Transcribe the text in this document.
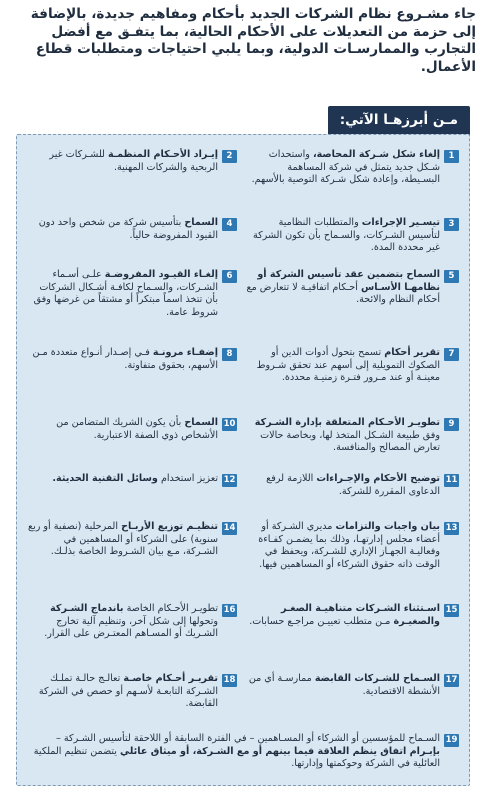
جاء مشـروع نظام الشركات الجديد بأحكام ومفاهيم جديدة، بالإضافة إلى حزمة من التعديلات على الأحكام الحالية، بما يتفـق مع أفضل التجارب والممارسـات الدولية، وبما يلبي احتياجات ومتطلبات قطاع الأعمال.
مـن أبرزهـا الآتي:
1
إلغاء شكل شـركة المحاصة، واستحداث شـكل جديد يتمثل في شركة المساهمة البسـيطة، وإعادة شكل شـركة التوصية بالأسهم.
2
إيـراد الأحـكام المنظمـة للشـركات غير الربحية والشركات المهنية.
3
تيسـير الإجراءات والمتطلبات النظامية لتأسيس الشـركات، والسـماح بأن تكون الشركة غير محددة المدة.
4
السماح بتأسيس شركة من شخص واحد دون القيود المفروضة حالياً.
5
السماح بتضمين عقد تأسيس الشركة أو نظامهـا الأسـاس أحـكام اتفاقيـة لا تتعارض مع أحكام النظام والائحة.
6
إلغـاء القيـود المفروضـة علـى أسـماء الشـركات، والسـماح لكافـة أشـكال الشركات بأن تتخذ اسماً مبتكراً أو مشتقاً من غرضها وفق شروط عامة.
7
تقرير أحكام تسمح بتحول أدوات الدين أو الصكوك التمويلية إلى أسهم عند تحقق شـروط معينـة أو عند مـرور فتـرة زمنيـة محددة.
8
إضفـاء مرونـة فـي إصـدار أنـواع متعددة مـن الأسهم، بحقوق متفاوتة.
9
تطويـر الأحـكام المتعلقة بإدارة الشـركة وفق طبيعة الشـكل المتخذ لها، وبخاصة حالات تعارض المصالح والمنافسة.
10
السماح بأن يكون الشريك المتضامن من الأشخاص ذوي الصفة الاعتبارية.
11
توضيح الأحكام والإجـراءات اللازمة لرفع الدعاوى المقررة للشركة.
12
تعزيز استخدام وسائل التقنية الحديثة.
13
بيان واجبات والتزامات مديري الشـركة أو أعضاء مجلس إدارتهـا، وذلك بما يضمـن كفـاءة وفعاليـة الجهـاز الإداري للشـركة، ويحفظ في الوقت ذاته حقوق الشركاء أو المساهمين فيها.
14
تنظيـم توزيع الأربـاح المرحلية (نصفية أو ربع سنوية) على الشركاء أو المساهمين في الشـركة، مـع بيان الشـروط الخاصة بذلـك.
15
اسـتثناء الشـركات متناهيـة الصغـر والصغيـرة مـن متطلب تعييـن مراجـع حسابات.
16
تطويـر الأحـكام الخاصة باندماج الشـركة وتحولها إلى شكل آخر، وتنظيم آلية تخارج الشـريك أو المسـاهم المعتـرض على القرار.
17
السـماح للشـركات القابضة ممارسـة أي من الأنشطة الاقتصادية.
18
تقريـر أحـكام خاصـة تعالـج حالـة تملـك الشـركة التابعـة لأسـهم أو حصص في الشركة القابضة.
19
السـماح للمؤسسين أو الشركاء أو المسـاهمين – في الفترة السابقة أو اللاحقة لتأسيس الشـركة – بإبـرام اتفاق ينظم العلاقة فيما بينهم أو مع الشـركة، أو ميثاق عائلي يتضمن تنظيم الملكية العائلية في الشركة وحوكمتها وإدارتها.
